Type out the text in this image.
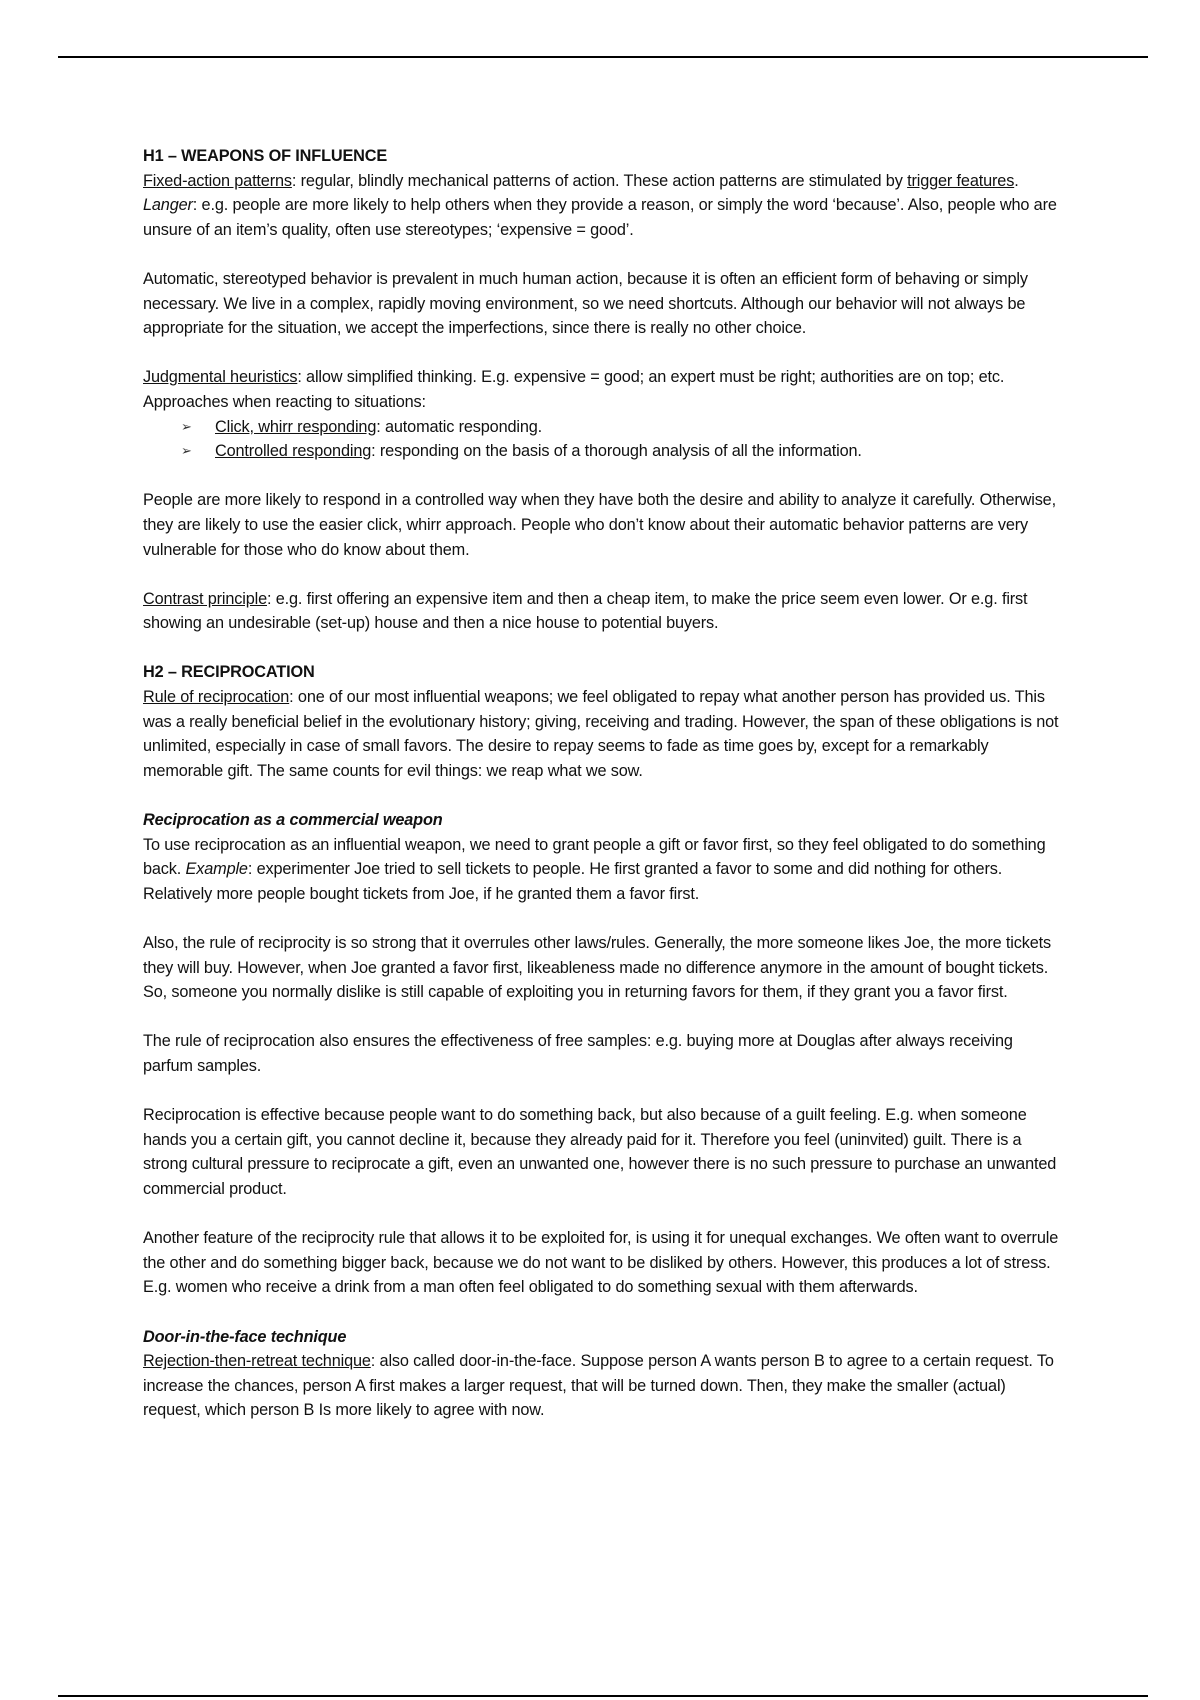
H1 – WEAPONS OF INFLUENCE

Fixed-action patterns: regular, blindly mechanical patterns of action. These action patterns are stimulated by trigger features. Langer: e.g. people are more likely to help others when they provide a reason, or simply the word ‘because’. Also, people who are unsure of an item’s quality, often use stereotypes; ‘expensive = good’.

Automatic, stereotyped behavior is prevalent in much human action, because it is often an efficient form of behaving or simply necessary. We live in a complex, rapidly moving environment, so we need shortcuts. Although our behavior will not always be appropriate for the situation, we accept the imperfections, since there is really no other choice.

Judgmental heuristics: allow simplified thinking. E.g. expensive = good; an expert must be right; authorities are on top; etc. Approaches when reacting to situations:

➢ Click, whirr responding: automatic responding.
➢ Controlled responding: responding on the basis of a thorough analysis of all the information.

People are more likely to respond in a controlled way when they have both the desire and ability to analyze it carefully. Otherwise, they are likely to use the easier click, whirr approach. People who don’t know about their automatic behavior patterns are very vulnerable for those who do know about them.

Contrast principle: e.g. first offering an expensive item and then a cheap item, to make the price seem even lower. Or e.g. first showing an undesirable (set-up) house and then a nice house to potential buyers.

H2 – RECIPROCATION

Rule of reciprocation: one of our most influential weapons; we feel obligated to repay what another person has provided us. This was a really beneficial belief in the evolutionary history; giving, receiving and trading. However, the span of these obligations is not unlimited, especially in case of small favors. The desire to repay seems to fade as time goes by, except for a remarkably memorable gift. The same counts for evil things: we reap what we sow.

Reciprocation as a commercial weapon

To use reciprocation as an influential weapon, we need to grant people a gift or favor first, so they feel obligated to do something back. Example: experimenter Joe tried to sell tickets to people. He first granted a favor to some and did nothing for others. Relatively more people bought tickets from Joe, if he granted them a favor first.

Also, the rule of reciprocity is so strong that it overrules other laws/rules. Generally, the more someone likes Joe, the more tickets they will buy. However, when Joe granted a favor first, likeableness made no difference anymore in the amount of bought tickets. So, someone you normally dislike is still capable of exploiting you in returning favors for them, if they grant you a favor first.

The rule of reciprocation also ensures the effectiveness of free samples: e.g. buying more at Douglas after always receiving parfum samples.

Reciprocation is effective because people want to do something back, but also because of a guilt feeling. E.g. when someone hands you a certain gift, you cannot decline it, because they already paid for it. Therefore you feel (uninvited) guilt. There is a strong cultural pressure to reciprocate a gift, even an unwanted one, however there is no such pressure to purchase an unwanted commercial product.

Another feature of the reciprocity rule that allows it to be exploited for, is using it for unequal exchanges. We often want to overrule the other and do something bigger back, because we do not want to be disliked by others. However, this produces a lot of stress. E.g. women who receive a drink from a man often feel obligated to do something sexual with them afterwards.

Door-in-the-face technique

Rejection-then-retreat technique: also called door-in-the-face. Suppose person A wants person B to agree to a certain request. To increase the chances, person A first makes a larger request, that will be turned down. Then, they make the smaller (actual) request, which person B Is more likely to agree with now.
